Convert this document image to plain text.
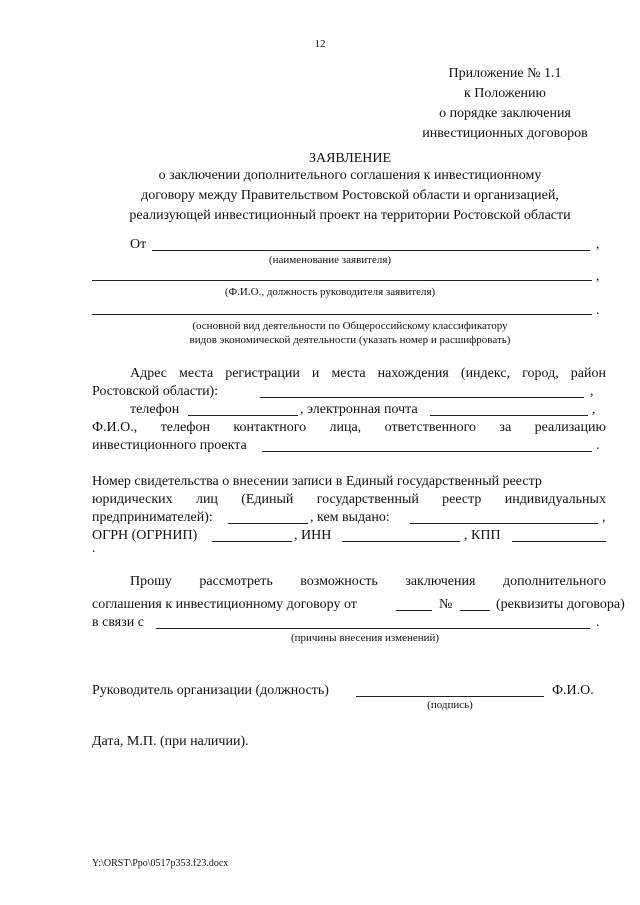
12
Приложение № 1.1
к Положению
о порядке заключения
инвестиционных договоров
ЗАЯВЛЕНИЕ
о заключении дополнительного соглашения к инвестиционному
договору между Правительством Ростовской области и организацией,
реализующей инвестиционный проект на территории Ростовской области
От	,
(наименование заявителя)
,
(Ф.И.О., должность руководителя заявителя)
.
(основной вид деятельности по Общероссийскому классификатору
видов экономической деятельности (указать номер и расшифровать)
Адрес места регистрации и места нахождения (индекс, город, район
Ростовской области):	,
телефон	, электронная почта	,
Ф.И.О., телефон контактного лица, ответственного за реализацию
инвестиционного проекта	.
Номер свидетельства о внесении записи в Единый государственный реестр
юридических лиц (Единый государственный реестр индивидуальных
предпринимателей):	, кем выдано:	,
ОГРН (ОГРНИП)	, ИНН	, КПП
.
Прошу рассмотреть возможность заключения дополнительного
соглашения к инвестиционному договору от	№	(реквизиты договора)
в связи с	.
(причины внесения изменений)
Руководитель организации (должность)	Ф.И.О.
(подпись)
Дата, М.П. (при наличии).
Y:\ORST\Ppo\0517p353.f23.docx
